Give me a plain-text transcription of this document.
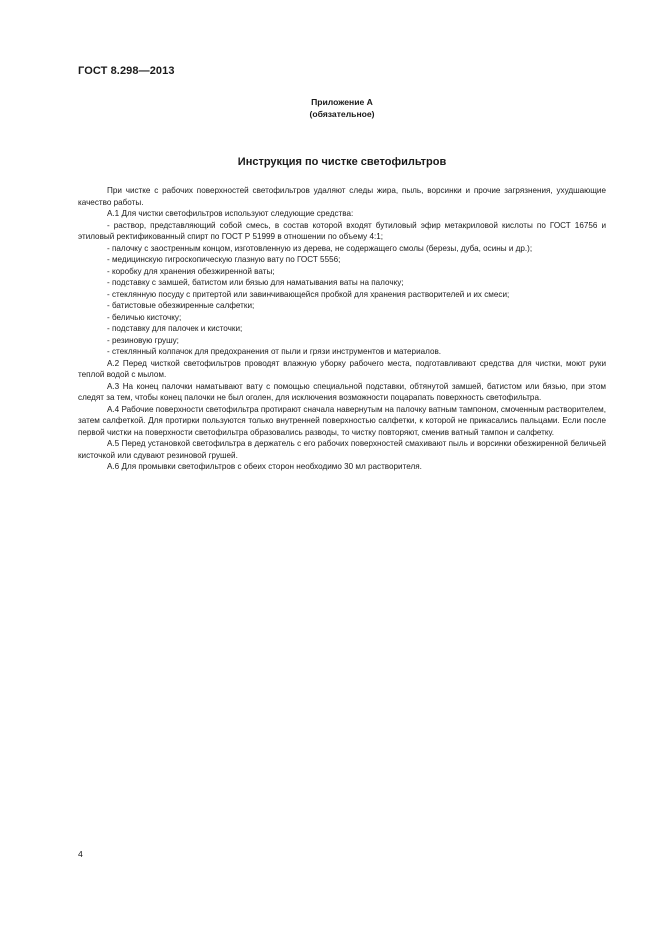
ГОСТ 8.298—2013
Приложение А
(обязательное)
Инструкция по чистке светофильтров

При чистке с рабочих поверхностей светофильтров удаляют следы жира, пыль, ворсинки и прочие загрязнения, ухудшающие качество работы.

А.1 Для чистки светофильтров используют следующие средства:

- раствор, представляющий собой смесь, в состав которой входят бутиловый эфир метакриловой кислоты по ГОСТ 16756 и этиловый ректификованный спирт по ГОСТ Р 51999 в отношении по объему 4:1;

- палочку с заостренным концом, изготовленную из дерева, не содержащего смолы (березы, дуба, осины и др.);

- медицинскую гигроскопическую глазную вату по ГОСТ 5556;

- коробку для хранения обезжиренной ваты;

- подставку с замшей, батистом или бязью для наматывания ваты на палочку;

- стеклянную посуду с притертой или завинчивающейся пробкой для хранения растворителей и их смеси;

- батистовые обезжиренные салфетки;

- беличью кисточку;

- подставку для палочек и кисточки;

- резиновую грушу;

- стеклянный колпачок для предохранения от пыли и грязи инструментов и материалов.

А.2 Перед чисткой светофильтров проводят влажную уборку рабочего места, подготавливают средства для чистки, моют руки теплой водой с мылом.

А.3 На конец палочки наматывают вату с помощью специальной подставки, обтянутой замшей, батистом или бязью, при этом следят за тем, чтобы конец палочки не был оголен, для исключения возможности поцарапать поверхность светофильтра.

А.4 Рабочие поверхности светофильтра протирают сначала навернутым на палочку ватным тампоном, смоченным растворителем, затем салфеткой. Для протирки пользуются только внутренней поверхностью салфетки, к которой не прикасались пальцами. Если после первой чистки на поверхности светофильтра образовались разводы, то чистку повторяют, сменив ватный тампон и салфетку.

А.5 Перед установкой светофильтра в держатель с его рабочих поверхностей смахивают пыль и ворсинки обезжиренной беличьей кисточкой или сдувают резиновой грушей.

А.6 Для промывки светофильтров с обеих сторон необходимо 30 мл растворителя.

4
